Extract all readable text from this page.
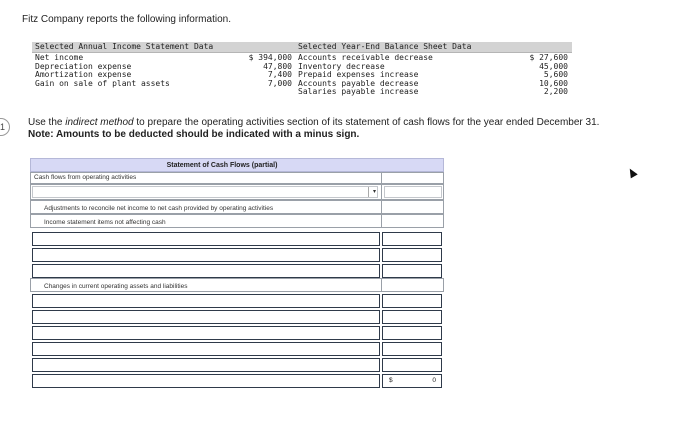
1
Fitz Company reports the following information.
Selected Annual Income Statement Data	Selected Year-End Balance Sheet Data
Net income
Depreciation expense
Amortization expense
Gain on sale of plant assets
$ 394,000
47,800
7,400
7,000
Accounts receivable decrease
Inventory decrease
Prepaid expenses increase
Accounts payable decrease
Salaries payable increase
$ 27,600
45,000
5,600
10,600
2,200
Use the indirect method to prepare the operating activities section of its statement of cash flows for the year ended December 31.
Note: Amounts to be deducted should be indicated with a minus sign.
Statement of Cash Flows (partial)
Cash flows from operating activities
▾
Adjustments to reconcile net income to net cash provided by operating activities
Income statement items not affecting cash
Changes in current operating assets and liabilities
$	0
